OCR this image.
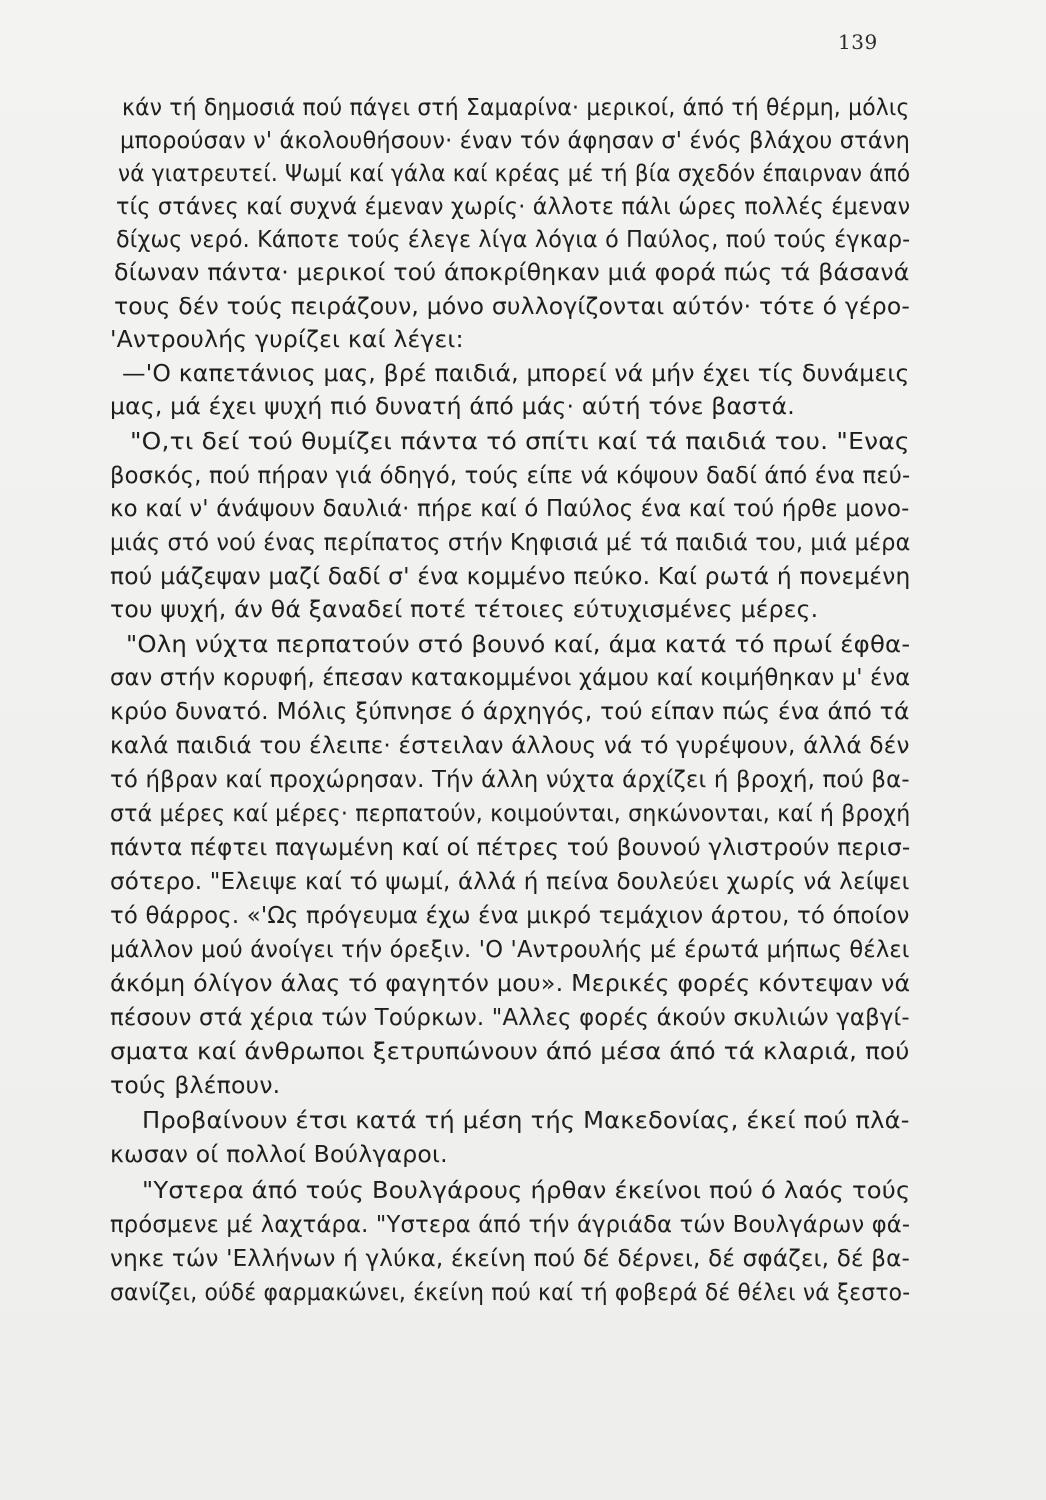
139
κάν τή δημοσιά πού πάγει στή Σαμαρίνα· μερικοί, άπό τή θέρμη, μόλις
μπορούσαν ν' άκολουθήσουν· έναν τόν άφησαν σ' ένός βλάχου στάνη
νά γιατρευτεί. Ψωμί καί γάλα καί κρέας μέ τή βία σχεδόν έπαιρναν άπό
τίς στάνες καί συχνά έμεναν χωρίς· άλλοτε πάλι ώρες πολλές έμεναν
δίχως νερό. Κάποτε τούς έλεγε λίγα λόγια ό Παύλος, πού τούς έγκαρ-
δίωναν πάντα· μερικοί τού άποκρίθηκαν μιά φορά πώς τά βάσανά
τους δέν τούς πειράζουν, μόνο συλλογίζονται αύτόν· τότε ό γέρο-
'Αντρουλής γυρίζει καί λέγει:
—'Ο καπετάνιος μας, βρέ παιδιά, μπορεί νά μήν έχει τίς δυνάμεις
μας, μά έχει ψυχή πιό δυνατή άπό μάς· αύτή τόνε βαστά.
"Ο,τι δεί τού θυμίζει πάντα τό σπίτι καί τά παιδιά του. "Ενας
βοσκός, πού πήραν γιά όδηγό, τούς είπε νά κόψουν δαδί άπό ένα πεύ-
κο καί ν' άνάψουν δαυλιά· πήρε καί ό Παύλος ένα καί τού ήρθε μονο-
μιάς στό νού ένας περίπατος στήν Κηφισιά μέ τά παιδιά του, μιά μέρα
πού μάζεψαν μαζί δαδί σ' ένα κομμένο πεύκο. Καί ρωτά ή πονεμένη
του ψυχή, άν θά ξαναδεί ποτέ τέτοιες εύτυχισμένες μέρες.
"Ολη νύχτα περπατούν στό βουνό καί, άμα κατά τό πρωί έφθα-
σαν στήν κορυφή, έπεσαν κατακομμένοι χάμου καί κοιμήθηκαν μ' ένα
κρύο δυνατό. Μόλις ξύπνησε ό άρχηγός, τού είπαν πώς ένα άπό τά
καλά παιδιά του έλειπε· έστειλαν άλλους νά τό γυρέψουν, άλλά δέν
τό ήβραν καί προχώρησαν. Τήν άλλη νύχτα άρχίζει ή βροχή, πού βα-
στά μέρες καί μέρες· περπατούν, κοιμούνται, σηκώνονται, καί ή βροχή
πάντα πέφτει παγωμένη καί οί πέτρες τού βουνού γλιστρούν περισ-
σότερο. "Ελειψε καί τό ψωμί, άλλά ή πείνα δουλεύει χωρίς νά λείψει
τό θάρρος. «'Ως πρόγευμα έχω ένα μικρό τεμάχιον άρτου, τό όποίον
μάλλον μού άνοίγει τήν όρεξιν. 'Ο 'Αντρουλής μέ έρωτά μήπως θέλει
άκόμη όλίγον άλας τό φαγητόν μου». Μερικές φορές κόντεψαν νά
πέσουν στά χέρια τών Τούρκων. "Αλλες φορές άκούν σκυλιών γαβγί-
σματα καί άνθρωποι ξετρυπώνουν άπό μέσα άπό τά κλαριά, πού
τούς βλέπουν.
Προβαίνουν έτσι κατά τή μέση τής Μακεδονίας, έκεί πού πλά-
κωσαν οί πολλοί Βούλγαροι.
"Υστερα άπό τούς Βουλγάρους ήρθαν έκείνοι πού ό λαός τούς
πρόσμενε μέ λαχτάρα. "Υστερα άπό τήν άγριάδα τών Βουλγάρων φά-
νηκε τών 'Ελλήνων ή γλύκα, έκείνη πού δέ δέρνει, δέ σφάζει, δέ βα-
σανίζει, ούδέ φαρμακώνει, έκείνη πού καί τή φοβερά δέ θέλει νά ξεστο-
